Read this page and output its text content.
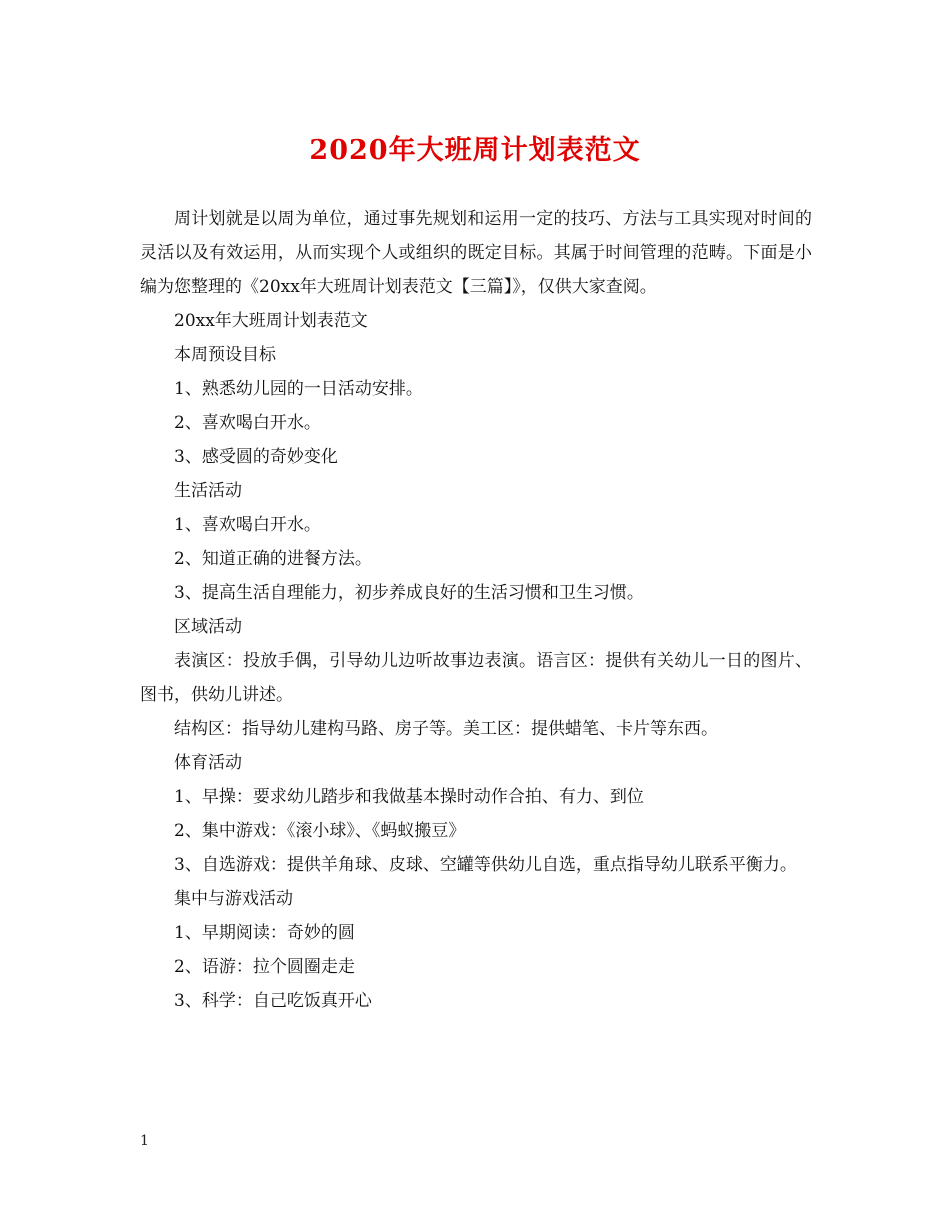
2020年大班周计划表范文

周计划就是以周为单位，通过事先规划和运用一定的技巧、方法与工具实现对时间的灵活以及有效运用，从而实现个人或组织的既定目标。其属于时间管理的范畴。下面是小编为您整理的《20xx年大班周计划表范文【三篇】》，仅供大家查阅。

20xx年大班周计划表范文

本周预设目标

1、熟悉幼儿园的一日活动安排。

2、喜欢喝白开水。

3、感受圆的奇妙变化

生活活动

1、喜欢喝白开水。

2、知道正确的进餐方法。

3、提高生活自理能力，初步养成良好的生活习惯和卫生习惯。

区域活动

表演区：投放手偶，引导幼儿边听故事边表演。语言区：提供有关幼儿一日的图片、图书，供幼儿讲述。

结构区：指导幼儿建构马路、房子等。美工区：提供蜡笔、卡片等东西。

体育活动

1、早操：要求幼儿踏步和我做基本操时动作合拍、有力、到位

2、集中游戏：《滚小球》、《蚂蚁搬豆》

3、自选游戏：提供羊角球、皮球、空罐等供幼儿自选，重点指导幼儿联系平衡力。

集中与游戏活动

1、早期阅读：奇妙的圆

2、语游：拉个圆圈走走

3、科学：自己吃饭真开心

1
